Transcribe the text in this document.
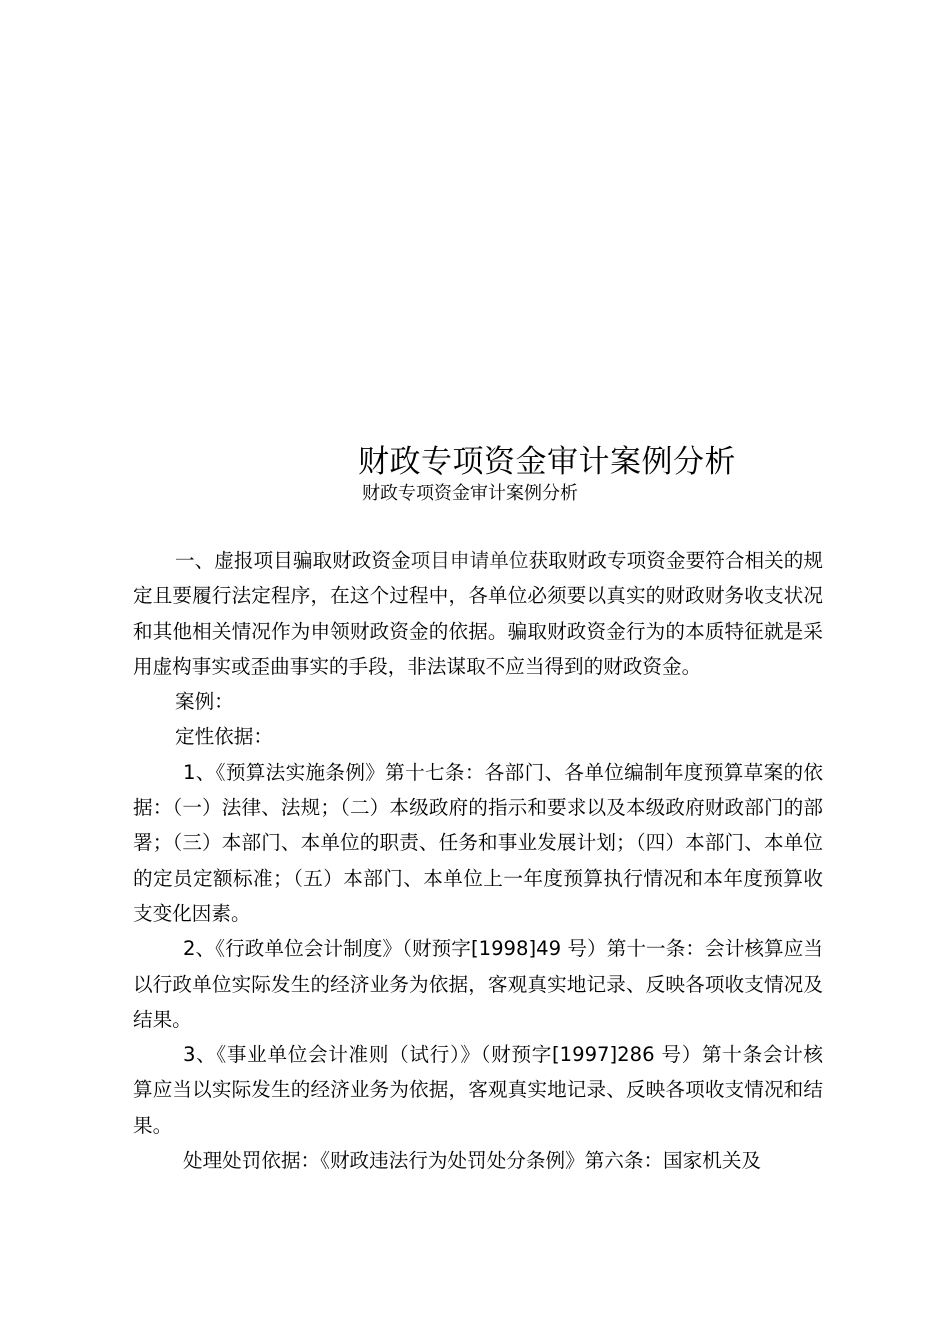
财政专项资金审计案例分析
财政专项资金审计案例分析

一、虚报项目骗取财政资金项目申请单位获取财政专项资金要符合相关的规定且要履行法定程序，在这个过程中，各单位必须要以真实的财政财务收支状况和其他相关情况作为申领财政资金的依据。骗取财政资金行为的本质特征就是采用虚构事实或歪曲事实的手段，非法谋取不应当得到的财政资金。

案例：

定性依据：

1、《预算法实施条例》第十七条：各部门、各单位编制年度预算草案的依据：（一）法律、法规；（二）本级政府的指示和要求以及本级政府财政部门的部署；（三）本部门、本单位的职责、任务和事业发展计划；（四）本部门、本单位的定员定额标准；（五）本部门、本单位上一年度预算执行情况和本年度预算收支变化因素。

2、《行政单位会计制度》（财预字[1998]49 号）第十一条：会计核算应当以行政单位实际发生的经济业务为依据，客观真实地记录、反映各项收支情况及结果。

3、《事业单位会计准则（试行）》（财预字[1997]286 号）第十条会计核算应当以实际发生的经济业务为依据，客观真实地记录、反映各项收支情况和结果。

处理处罚依据：《财政违法行为处罚处分条例》第六条：国家机关及
